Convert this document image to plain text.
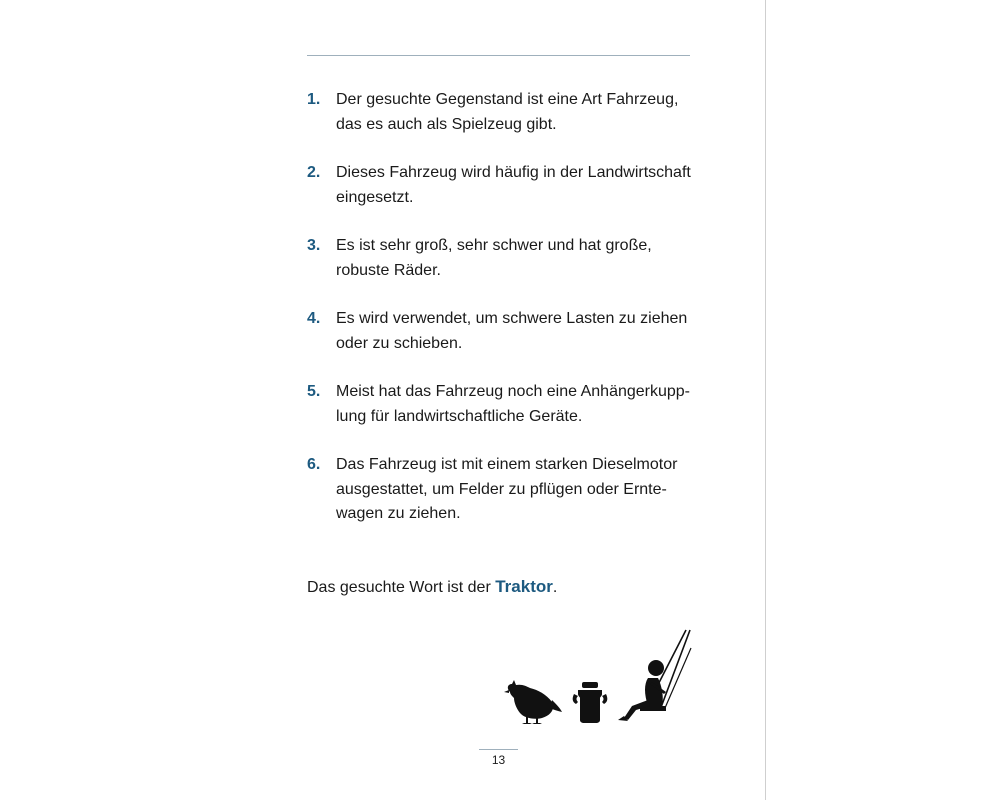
1. Der gesuchte Gegenstand ist eine Art Fahrzeug,
das es auch als Spielzeug gibt.
2. Dieses Fahrzeug wird häufig in der Landwirtschaft
eingesetzt.
3. Es ist sehr groß, sehr schwer und hat große,
robuste Räder.
4. Es wird verwendet, um schwere Lasten zu ziehen
oder zu schieben.
5. Meist hat das Fahrzeug noch eine Anhängerkupp-
lung für landwirtschaftliche Geräte.
6. Das Fahrzeug ist mit einem starken Dieselmotor
ausgestattet, um Felder zu pflügen oder Ernte-
wagen zu ziehen.
Das gesuchte Wort ist der Traktor.
13
